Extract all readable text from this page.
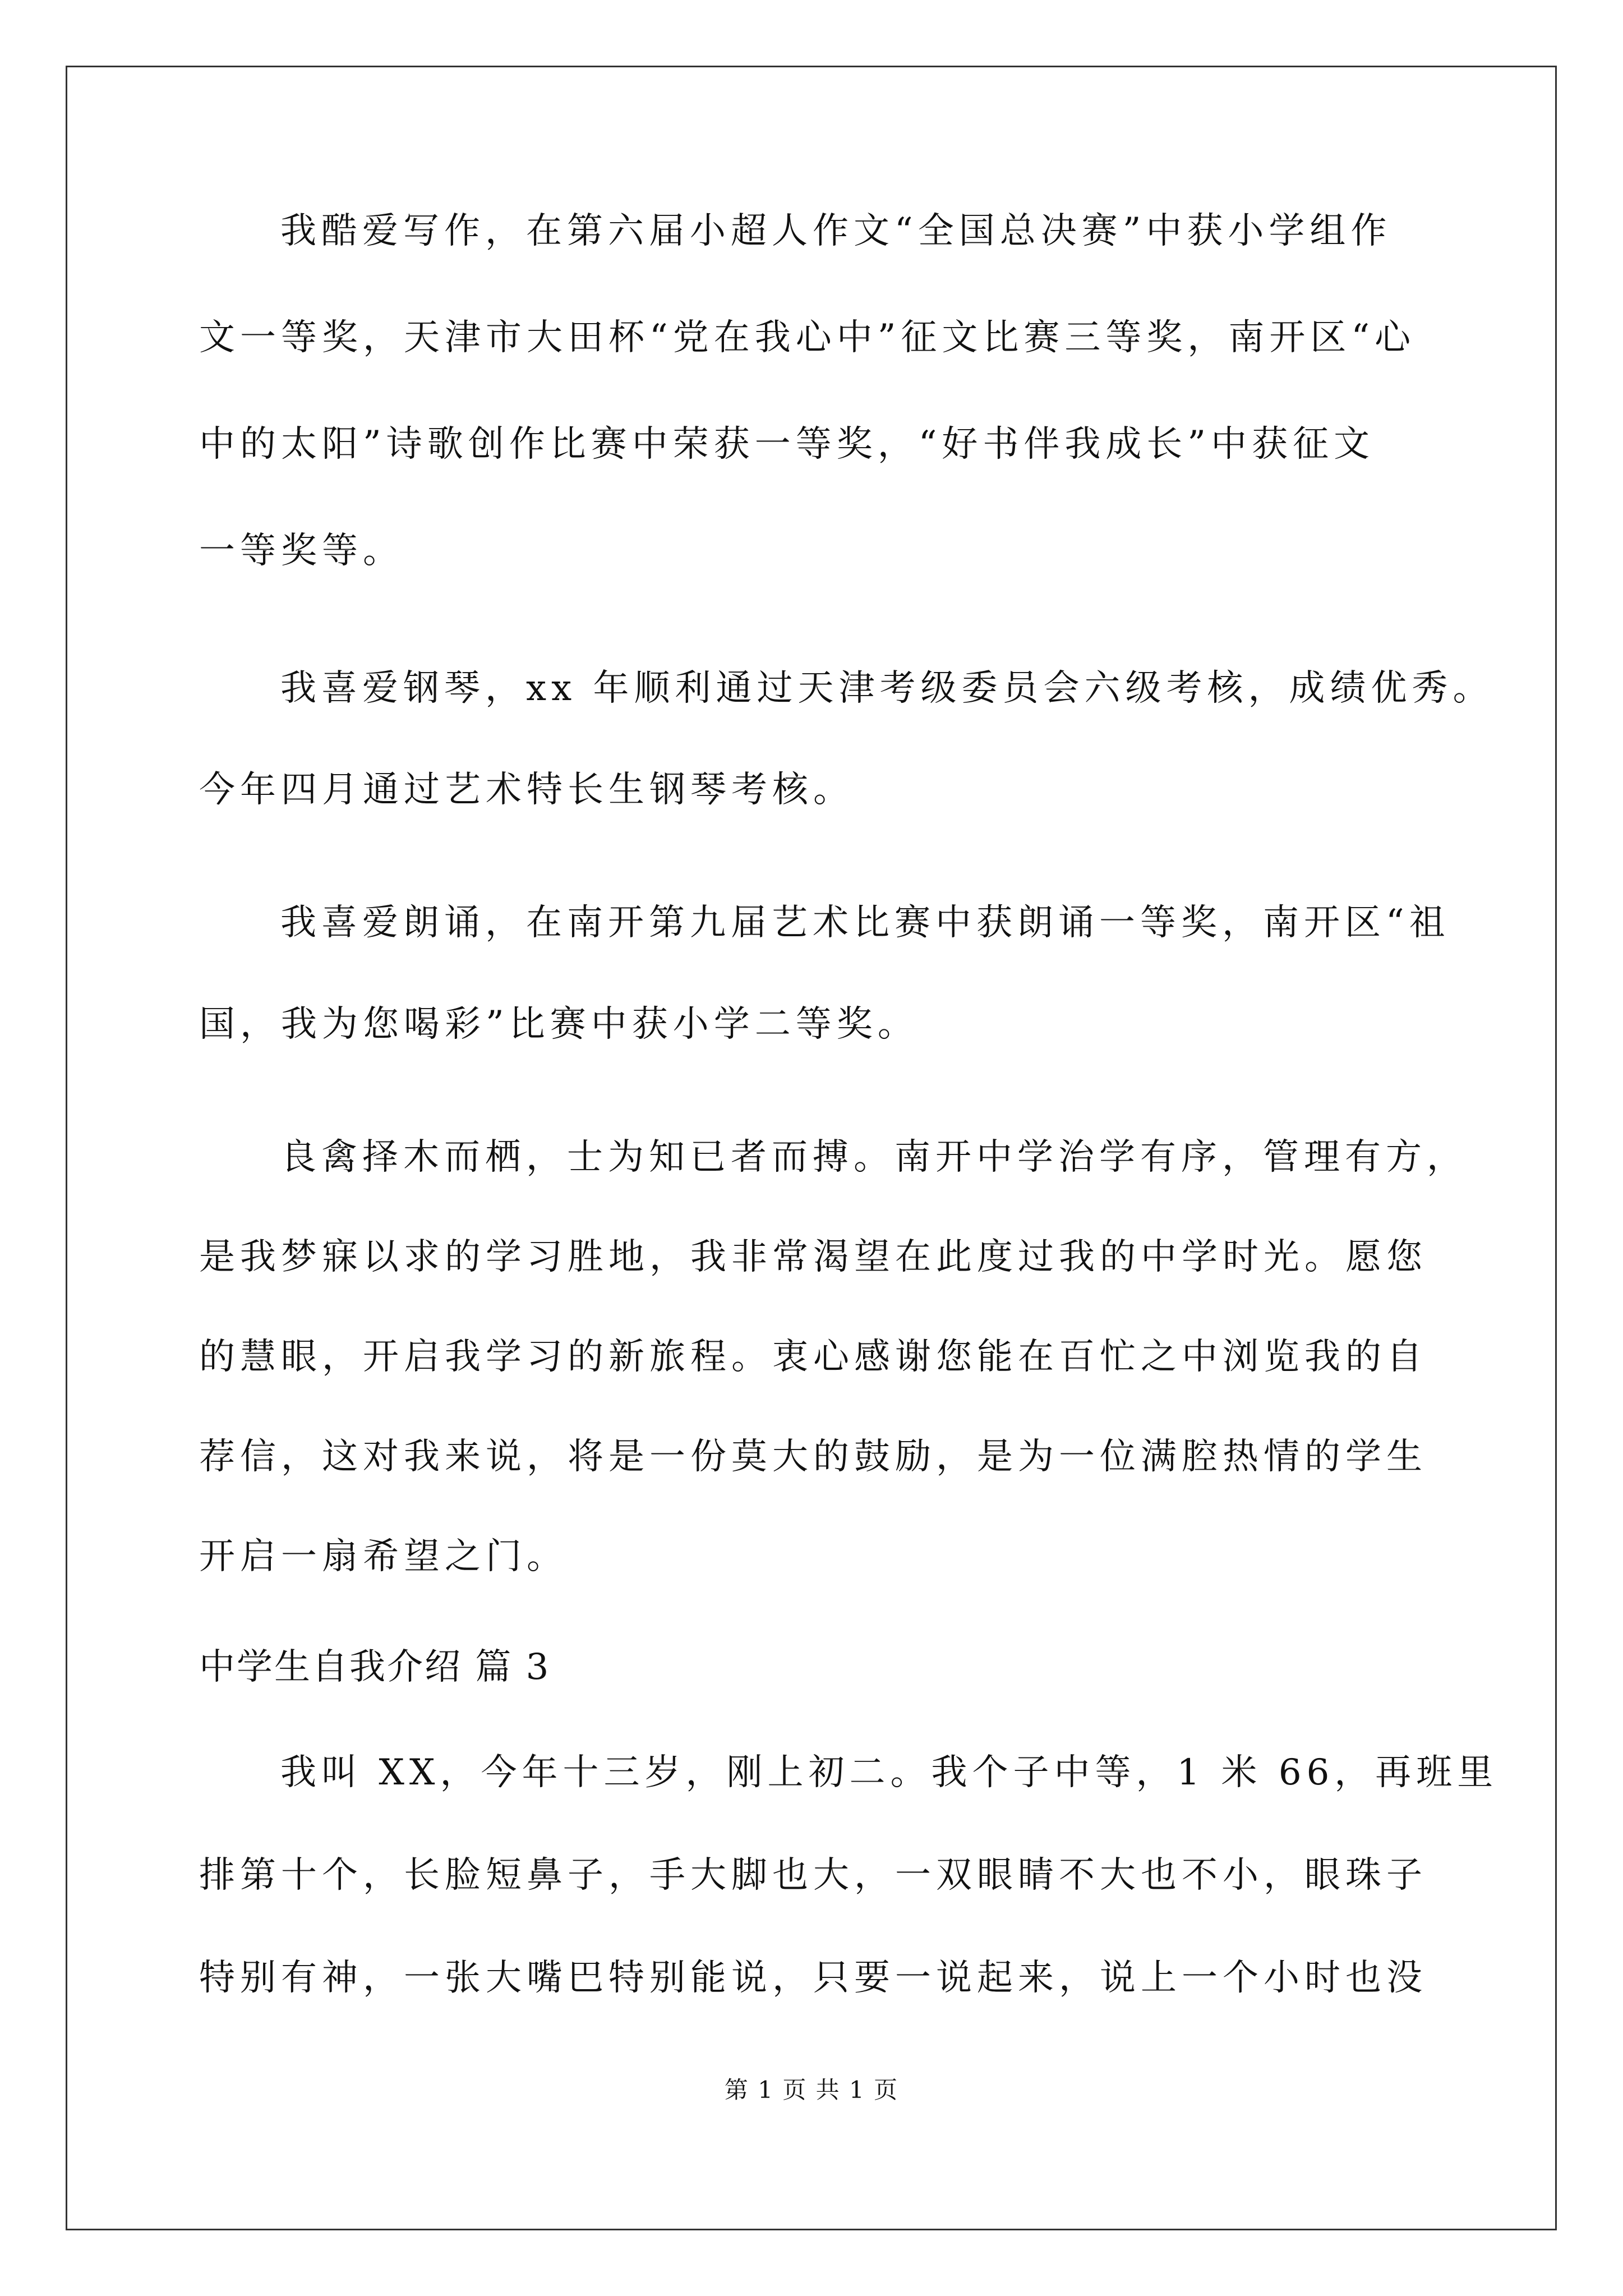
我酷爱写作，在第六届小超人作文“全国总决赛”中获小学组作
文一等奖，天津市大田杯“党在我心中”征文比赛三等奖，南开区“心
中的太阳”诗歌创作比赛中荣获一等奖，“好书伴我成长”中获征文
一等奖等。
我喜爱钢琴，xx 年顺利通过天津考级委员会六级考核，成绩优秀。
今年四月通过艺术特长生钢琴考核。
我喜爱朗诵，在南开第九届艺术比赛中获朗诵一等奖，南开区“祖
国，我为您喝彩”比赛中获小学二等奖。
良禽择木而栖，士为知已者而搏。南开中学治学有序，管理有方，
是我梦寐以求的学习胜地，我非常渴望在此度过我的中学时光。愿您
的慧眼，开启我学习的新旅程。衷心感谢您能在百忙之中浏览我的自
荐信，这对我来说，将是一份莫大的鼓励，是为一位满腔热情的学生
开启一扇希望之门。
中学生自我介绍 篇 3
我叫 XX，今年十三岁，刚上初二。我个子中等，1 米 66，再班里
排第十个，长脸短鼻子，手大脚也大，一双眼睛不大也不小，眼珠子
特别有神，一张大嘴巴特别能说，只要一说起来，说上一个小时也没
第 1 页 共 1 页
